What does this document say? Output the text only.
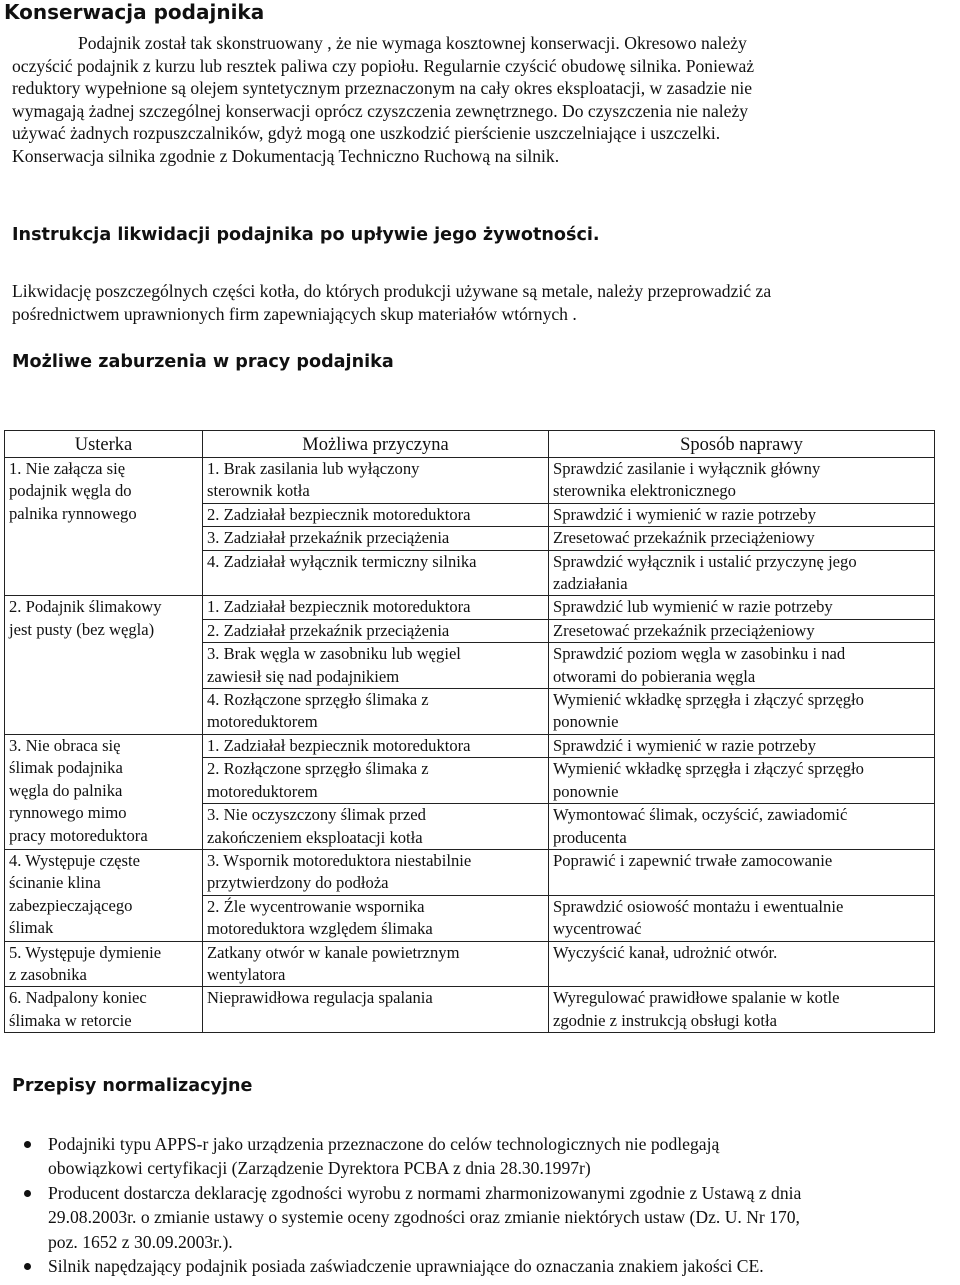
Konserwacja podajnika
Podajnik został tak skonstruowany , że nie wymaga kosztownej konserwacji. Okresowo należy
oczyścić podajnik z kurzu lub resztek paliwa czy popiołu. Regularnie czyścić obudowę silnika. Ponieważ
reduktory wypełnione są olejem syntetycznym przeznaczonym na cały okres eksploatacji, w zasadzie nie
wymagają żadnej szczególnej konserwacji oprócz czyszczenia zewnętrznego. Do czyszczenia nie należy
używać żadnych rozpuszczalników, gdyż mogą one uszkodzić pierścienie uszczelniające i uszczelki.
Konserwacja silnika zgodnie z Dokumentacją Techniczno Ruchową na silnik.
Instrukcja likwidacji podajnika po upływie jego żywotności.
Likwidację poszczególnych części kotła, do których produkcji używane są metale, należy przeprowadzić za
pośrednictwem uprawnionych firm zapewniających skup materiałów wtórnych .
Możliwe zaburzenia w pracy podajnika
Usterka	Możliwa przyczyna	Sposób naprawy

1. Nie załącza się
podajnik węgla do
palnika rynnowego	1. Brak zasilania lub wyłączony
sterownik kotła	Sprawdzić zasilanie i wyłącznik główny
sterownika elektronicznego

	2. Zadziałał bezpiecznik motoreduktora	Sprawdzić i wymienić w razie potrzeby

	3. Zadziałał przekaźnik przeciążenia	Zresetować przekaźnik przeciążeniowy

	4. Zadziałał wyłącznik termiczny silnika	Sprawdzić wyłącznik i ustalić przyczynę jego
zadziałania

2. Podajnik ślimakowy
jest pusty (bez węgla)	1. Zadziałał bezpiecznik motoreduktora	Sprawdzić lub wymienić w razie potrzeby

	2. Zadziałał przekaźnik przeciążenia	Zresetować przekaźnik przeciążeniowy

	3. Brak węgla w zasobniku lub węgiel
zawiesił się nad podajnikiem	Sprawdzić poziom węgla w zasobinku i nad
otworami do pobierania węgla

	4. Rozłączone sprzęgło ślimaka z
motoreduktorem	Wymienić wkładkę sprzęgła i złączyć sprzęgło
ponownie

3. Nie obraca się
ślimak podajnika
węgla do palnika
rynnowego mimo
pracy motoreduktora	1. Zadziałał bezpiecznik motoreduktora	Sprawdzić i wymienić w razie potrzeby

	2. Rozłączone sprzęgło ślimaka z
motoreduktorem	Wymienić wkładkę sprzęgła i złączyć sprzęgło
ponownie

	3. Nie oczyszczony ślimak przed
zakończeniem eksploatacji kotła	Wymontować ślimak, oczyścić, zawiadomić
producenta

4. Występuje częste
ścinanie klina
zabezpieczającego
ślimak	3. Wspornik motoreduktora niestabilnie
przytwierdzony do podłoża	Poprawić i zapewnić trwałe zamocowanie

	2. Źle wycentrowanie wspornika
motoreduktora względem ślimaka	Sprawdzić osiowość montażu i ewentualnie
wycentrować

5. Występuje dymienie
z zasobnika	Zatkany otwór w kanale powietrznym
wentylatora	Wyczyścić kanał, udrożnić otwór.

6. Nadpalony koniec
ślimaka w retorcie	Nieprawidłowa regulacja spalania	Wyregulować prawidłowe spalanie w kotle
zgodnie z instrukcją obsługi kotła
Przepisy normalizacyjne
Podajniki typu APPS-r jako urządzenia przeznaczone do celów technologicznych nie podlegają
obowiązkowi certyfikacji (Zarządzenie Dyrektora PCBA z dnia 28.30.1997r)
Producent dostarcza deklarację zgodności wyrobu z normami zharmonizowanymi zgodnie z Ustawą z dnia
29.08.2003r. o zmianie ustawy o systemie oceny zgodności oraz zmianie niektórych ustaw (Dz. U. Nr 170,
poz. 1652 z 30.09.2003r.).
Silnik napędzający podajnik posiada zaświadczenie uprawniające do oznaczania znakiem jakości CE.
